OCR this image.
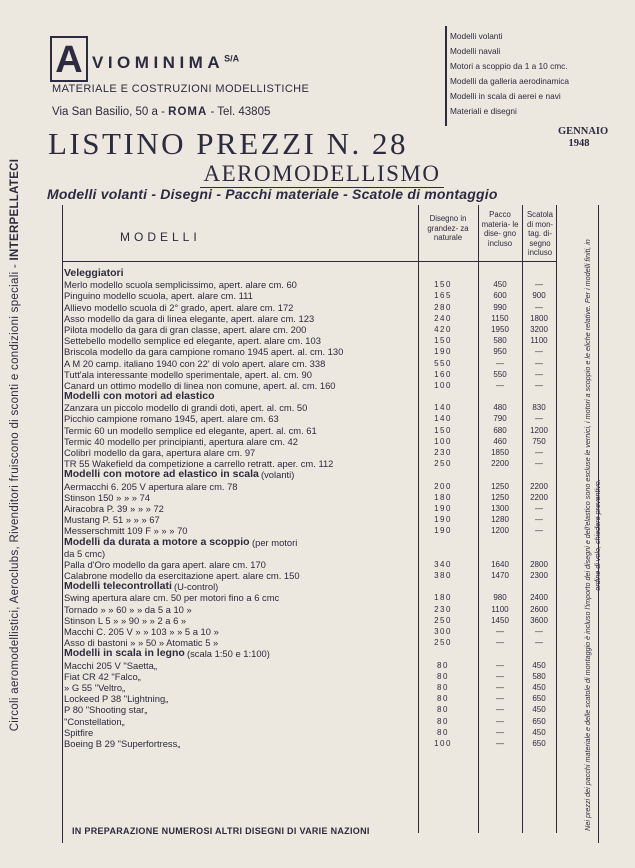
Circoli aeromodellistici, Aeroclubs, Rivenditori fruiscono di sconti e condizioni speciali - INTERPELLATECI
A $VIOMINIMA^{S/A}$
MATERIALE E COSTRUZIONI MODELLISTICHE
Via San Basilio, 50 a - ROMA - Tel. 43805
Modelli volanti
Modelli navali
Motori a scoppio da 1 a 10 cmc.
Modelli da galleria aerodinamica
Modelli in scala di aerei e navi
Materiali e disegni
LISTINO PREZZI N. 28	GENNAIO
1948
AEROMODELLISMO
Modelli volanti - Disegni - Pacchi materiale - Scatole di montaggio
MODELLI
Disegno in grandez- za naturale
Pacco materia- le dise- gno incluso
Scatola di mon- tag. di- segno incluso
Veleggiatori
Merlo modello scuola semplicissimo, apert. alare cm. 60	150	450	—
Pinguino modello scuola, apert. alare cm. 111	165	600	900
Allievo modello scuola di 2° grado, apert. alare cm. 172	280	990	—
Asso modello da gara di linea elegante, apert. alare cm. 123	240	1150	1800
Pilota modello da gara di gran classe, apert. alare cm. 200	420	1950	3200
Settebello modello semplice ed elegante, apert. alare cm. 103	150	580	1100
Briscola modello da gara campione romano 1945 apert. al. cm. 130	190	950	—
A M 20 camp. italiano 1940 con 22' di volo apert. alare cm. 338	550	—	—
Tutt'ala interessante modello sperimentale, apert. al. cm. 90	160	550	—
Canard un ottimo modello di linea non comune, apert. al. cm. 160	100	—	—
Modelli con motori ad elastico
Zanzara un piccolo modello di grandi doti, apert. al. cm. 50	140	480	830
Picchio campione romano 1945, apert. alare cm. 63	140	790	—
Termic 60 un modello semplice ed elegante, apert. al. cm. 61	150	680	1200
Termic 40 modello per principianti, apertura alare cm. 42	100	460	750
Colibrì modello da gara, apertura alare cm. 97	230	1850	—
TR 55 Wakefield da competizione a carrello retratt. aper. cm. 112	250	2200	—
Modelli con motore ad elastico in scala (volanti)
Aermacchi 6. 205 V apertura alare cm. 78	200	1250	2200
Stinson 150 » » » 74	180	1250	2200
Airacobra P. 39 » » » 72	190	1300	—
Mustang P. 51 » » » 67	190	1280	—
Messerschmitt 109 F » » » 70	190	1200	—
Modelli da durata a motore a scoppio (per motori
da 5 cmc)
Palla d'Oro modello da gara apert. alare cm. 170	340	1640	2800
Calabrone modello da esercitazione apert. alare cm. 150	380	1470	2300
Modelli telecontrollati (U-control)
Swing apertura alare cm. 50 per motori fino a 6 cmc	180	980	2400
Tornado » » 60 » » da 5 a 10 »	230	1100	2600
Stinson L 5 » » 90 » » 2 a 6 »	250	1450	3600
Macchi C. 205 V » » 103 » » 5 a 10 »	300	—	—
Asso di bastoni » » 50 » Atomatic 5 »	250	—	—
Modelli in scala in legno (scala 1:50 e 1:100)
Macchi 205 V "Saetta„	80	—	450
Fiat CR 42 "Falco„	80	—	580
» G 55 "Veltro„	80	—	450
Lockeed P 38 "Lightning„	80	—	650
P 80 "Shooting star„	80	—	450
"Constellation„	80	—	650
Spitfire	80	—	450
Boeing B 29 "Superfortress„	100	—	650
IN PREPARAZIONE NUMEROSI ALTRI DISEGNI DI VARIE NAZIONI
Nei prezzi dei pacchi materiale e delle scatole di montaggio è incluso l'importo dei disegni e dell'elastico sono escluse le vernici, i motori a scoppio e le eliche relative. Per i modelli finiti, in ordine di volo, chiedere preventivo.
